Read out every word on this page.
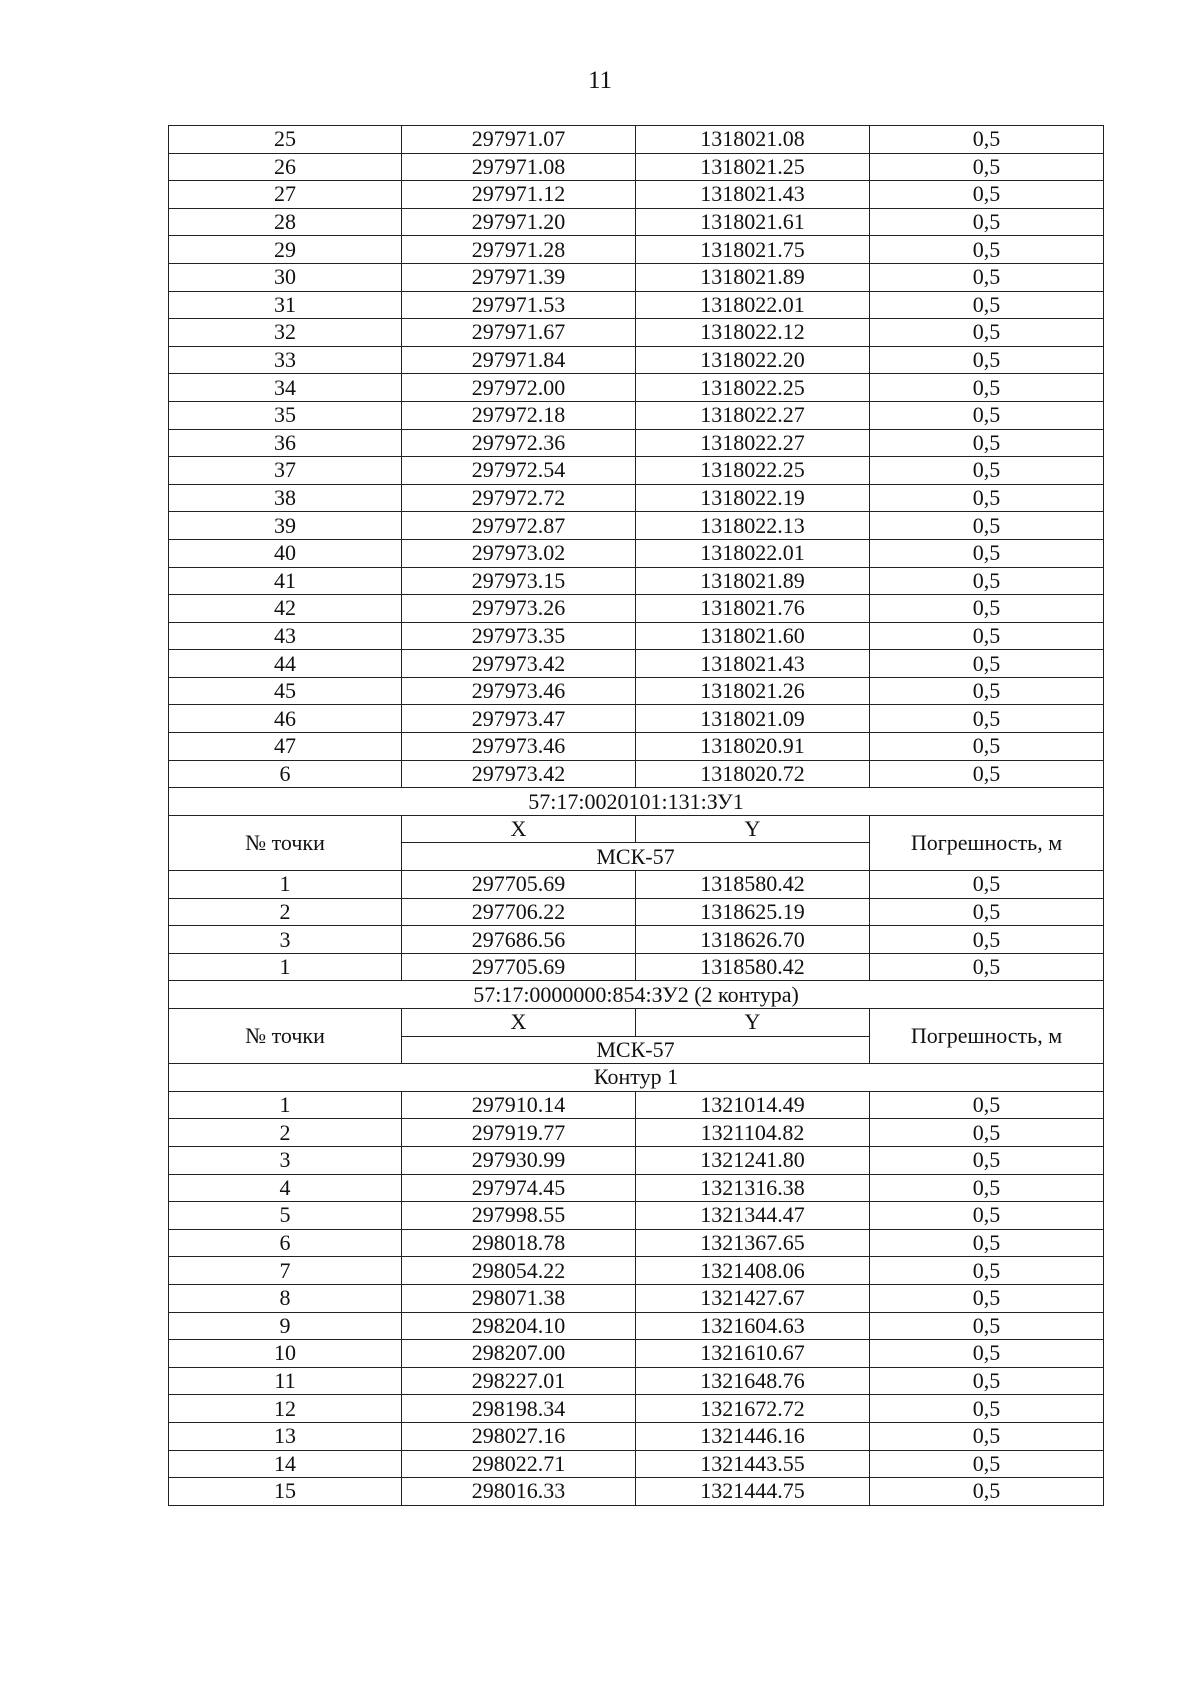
11
25	297971.07	1318021.08	0,5
26	297971.08	1318021.25	0,5
27	297971.12	1318021.43	0,5
28	297971.20	1318021.61	0,5
29	297971.28	1318021.75	0,5
30	297971.39	1318021.89	0,5
31	297971.53	1318022.01	0,5
32	297971.67	1318022.12	0,5
33	297971.84	1318022.20	0,5
34	297972.00	1318022.25	0,5
35	297972.18	1318022.27	0,5
36	297972.36	1318022.27	0,5
37	297972.54	1318022.25	0,5
38	297972.72	1318022.19	0,5
39	297972.87	1318022.13	0,5
40	297973.02	1318022.01	0,5
41	297973.15	1318021.89	0,5
42	297973.26	1318021.76	0,5
43	297973.35	1318021.60	0,5
44	297973.42	1318021.43	0,5
45	297973.46	1318021.26	0,5
46	297973.47	1318021.09	0,5
47	297973.46	1318020.91	0,5
6	297973.42	1318020.72	0,5
57:17:0020101:131:ЗУ1			
№ точки	X	Y	Погрешность, м
	МСК-57		
1	297705.69	1318580.42	0,5
2	297706.22	1318625.19	0,5
3	297686.56	1318626.70	0,5
1	297705.69	1318580.42	0,5
57:17:0000000:854:ЗУ2 (2 контура)			
№ точки	X	Y	Погрешность, м
	МСК-57		
Контур 1			
1	297910.14	1321014.49	0,5
2	297919.77	1321104.82	0,5
3	297930.99	1321241.80	0,5
4	297974.45	1321316.38	0,5
5	297998.55	1321344.47	0,5
6	298018.78	1321367.65	0,5
7	298054.22	1321408.06	0,5
8	298071.38	1321427.67	0,5
9	298204.10	1321604.63	0,5
10	298207.00	1321610.67	0,5
11	298227.01	1321648.76	0,5
12	298198.34	1321672.72	0,5
13	298027.16	1321446.16	0,5
14	298022.71	1321443.55	0,5
15	298016.33	1321444.75	0,5
